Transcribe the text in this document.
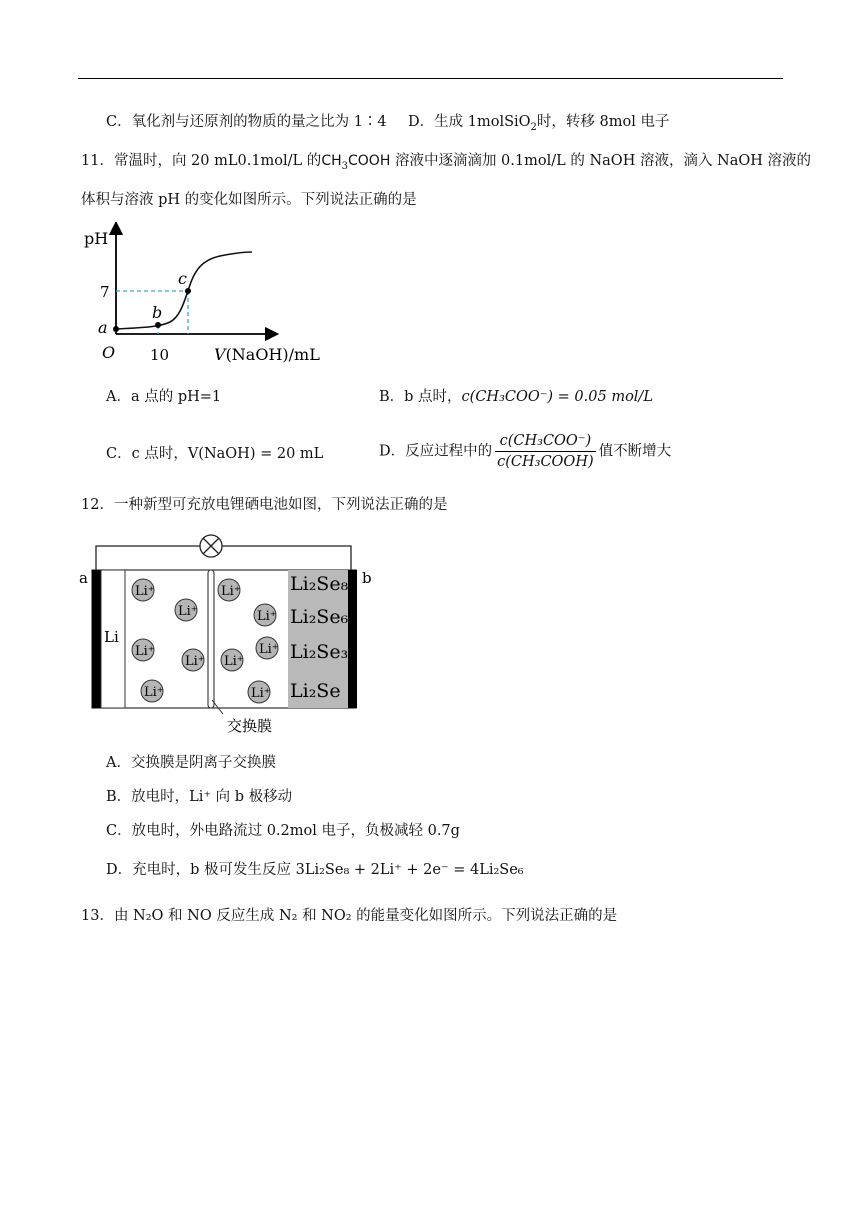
C．氧化剂与还原剂的物质的量之比为 1∶4 D．生成 1molSiO$_2$时，转移 8mol 电子
11．常温时，向 20 mL0.1mol/L 的$CH_3COOH$ 溶液中逐滴滴加 0.1mol/L 的 NaOH 溶液，滴入 NaOH 溶液的
体积与溶液 pH 的变化如图所示。下列说法正确的是
pH
7
a
b
c
O 10	V(NaOH)/mL
A．a 点的 pH=1	B．b 点时，c(CH₃COO⁻) = 0.05 mol/L
C．c 点时，V(NaOH) = 20 mL	D．反应过程中的 $\frac{\text{c(CH₃COO⁻)}}{\text{c(CH₃COOH)}}$ 值不断增大
12．一种新型可充放电锂硒电池如图，下列说法正确的是
a	b
Li
Li₂Se₈
Li₂Se₆
Li₂Se₃
Li₂Se
交换膜
Li⁺
Li⁺
Li⁺
Li⁺
Li⁺
Li⁺
Li⁺
Li⁺
Li⁺
Li⁺
A．交换膜是阴离子交换膜
B．放电时，Li⁺ 向 b 极移动
C．放电时，外电路流过 0.2mol 电子，负极减轻 0.7g
D．充电时，b 极可发生反应 3Li₂Se₈ + 2Li⁺ + 2e⁻ = 4Li₂Se₆
13．由 N₂O 和 NO 反应生成 N₂ 和 NO₂ 的能量变化如图所示。下列说法正确的是
